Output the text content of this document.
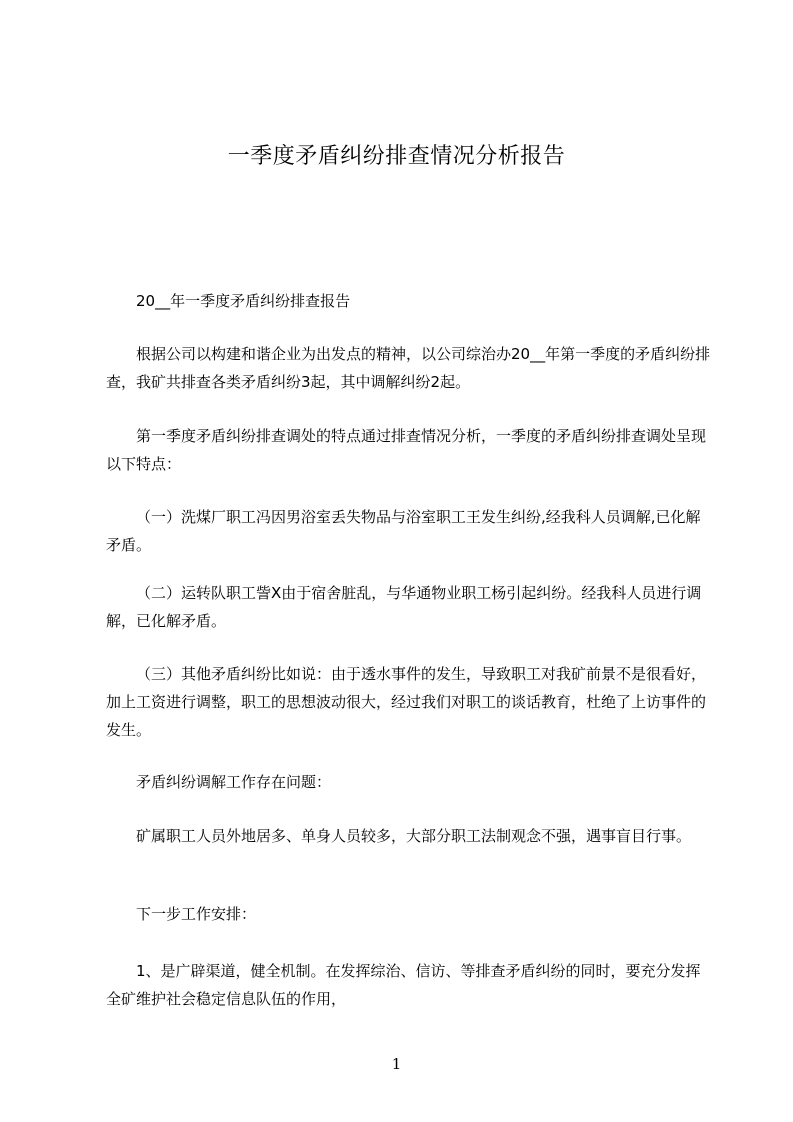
一季度矛盾纠纷排查情况分析报告

20__年一季度矛盾纠纷排查报告

根据公司以构建和谐企业为出发点的精神，以公司综治办20__年第一季度的矛盾纠纷排查，我矿共排查各类矛盾纠纷3起，其中调解纠纷2起。

第一季度矛盾纠纷排查调处的特点通过排查情况分析，一季度的矛盾纠纷排查调处呈现以下特点：

（一）洗煤厂职工冯因男浴室丢失物品与浴室职工王发生纠纷,经我科人员调解,已化解矛盾。

（二）运转队职工訾X由于宿舍脏乱，与华通物业职工杨引起纠纷。经我科人员进行调解，已化解矛盾。

（三）其他矛盾纠纷比如说：由于透水事件的发生，导致职工对我矿前景不是很看好，加上工资进行调整，职工的思想波动很大，经过我们对职工的谈话教育，杜绝了上访事件的发生。

矛盾纠纷调解工作存在问题：

矿属职工人员外地居多、单身人员较多，大部分职工法制观念不强，遇事盲目行事。

下一步工作安排：

1、是广辟渠道，健全机制。在发挥综治、信访、等排查矛盾纠纷的同时，要充分发挥全矿维护社会稳定信息队伍的作用，

1
